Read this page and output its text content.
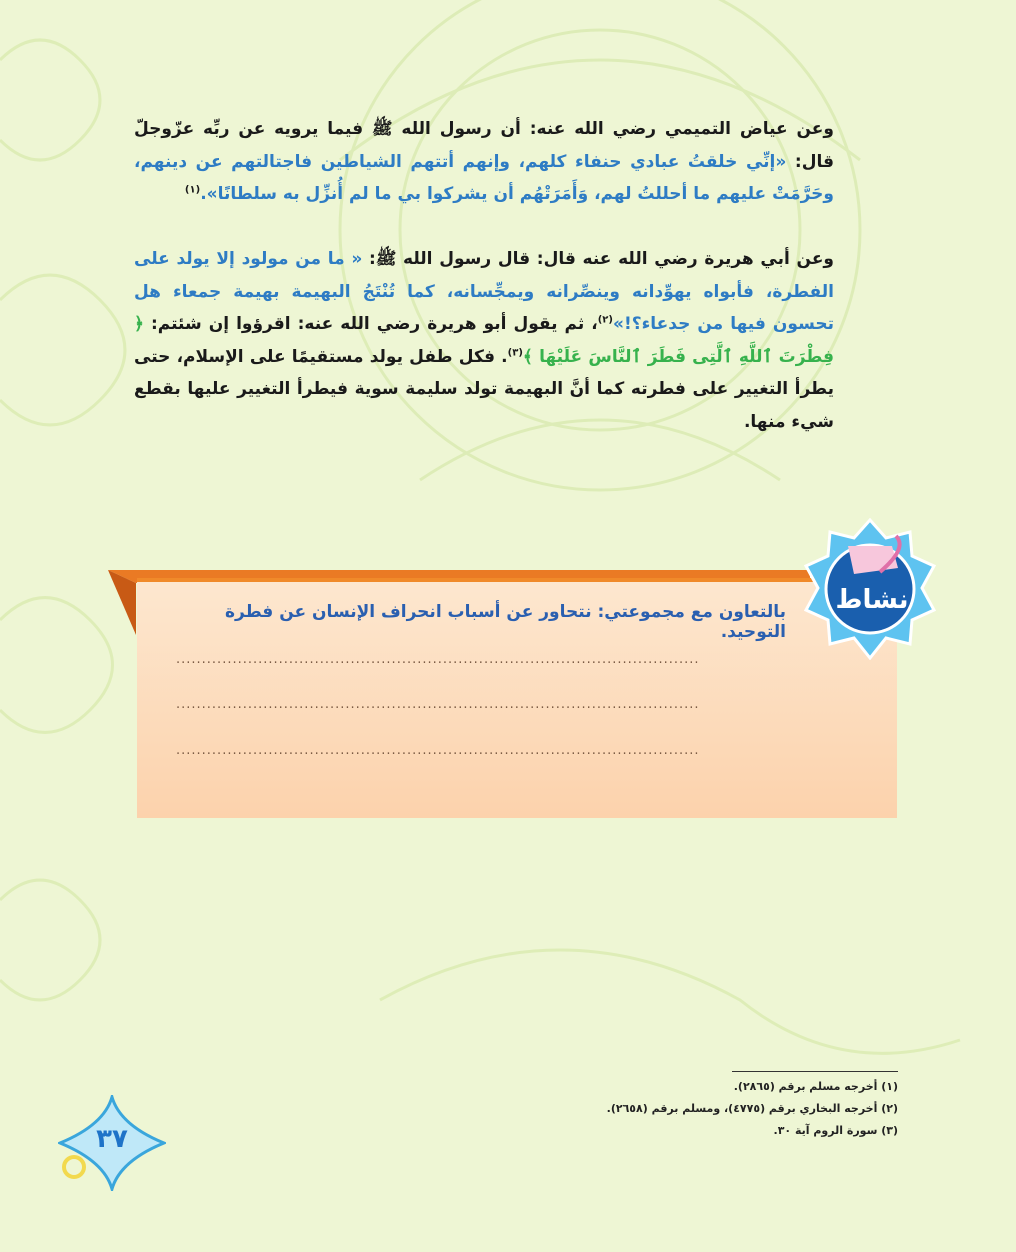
وعن عياض التميمي رضي الله عنه: أن رسول الله ﷺ فيما يرويه عن ربِّه عزّوجلّ قال: «إنِّي خلقتُ عبادي حنفاء كلهم، وإنهم أتتهم الشياطين فاجتالتهم عن دينهم، وحَرَّمَتْ عليهم ما أحللتُ لهم، وَأَمَرَتْهُم أن يشركوا بي ما لم أُنزِّل به سلطانًا».$^{(١)}$
وعن أبي هريرة رضي الله عنه قال: قال رسول الله ﷺ: « ما من مولود إلا يولد على الفطرة، فأبواه يهوِّدانه وينصِّرانه ويمجِّسانه، كما تُنْتَجُ البهيمة بهيمة جمعاء هل تحسون فيها من جدعاء؟!»$^{(٢)}$، ثم يقول أبو هريرة رضي الله عنه: اقرؤوا إن شئتم: ﴿ فِطْرَتَ ٱللَّهِ ٱلَّتِى فَطَرَ ٱلنَّاسَ عَلَيْهَا ﴾$^{(٣)}$. فكل طفل يولد مستقيمًا على الإسلام، حتى يطرأ التغيير على فطرته كما أنَّ البهيمة تولد سليمة سوية فيطرأ التغيير عليها بقطع شيء منها.
نشاط
بالتعاون مع مجموعتي: نتحاور عن أسباب انحراف الإنسان عن فطرة التوحيد.
......................................................................................................
......................................................................................................
......................................................................................................
(١) أخرجه مسلم برقم (٢٨٦٥).
(٢) أخرجه البخاري برقم (٤٧٧٥)، ومسلم برقم (٢٦٥٨).
(٣) سورة الروم آية ٣٠.
٣٧
